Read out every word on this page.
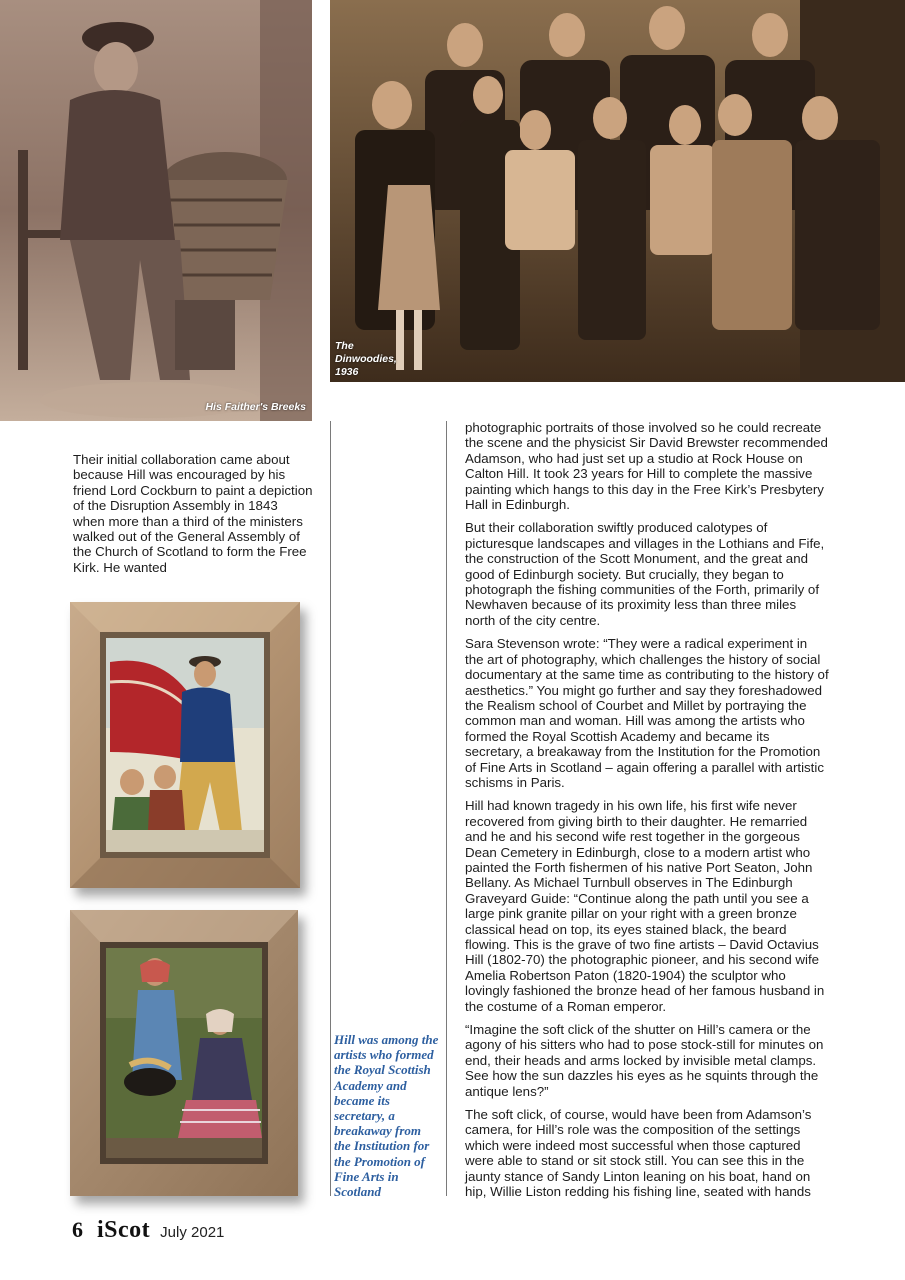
His Faither's Breeks
The
Dinwoodies,
1936

Their initial collaboration came about because Hill was encouraged by his friend Lord Cockburn to paint a depiction of the Disruption Assembly in 1843 when more than a third of the ministers walked out of the General Assembly of the Church of Scotland to form the Free Kirk. He wanted

Hill was among the artists who formed the Royal Scottish Academy and became its secretary, a breakaway from the Institution for the Promotion of Fine Arts in Scotland

photographic portraits of those involved so he could recreate the scene and the physicist Sir David Brewster recommended Adamson, who had just set up a studio at Rock House on Calton Hill. It took 23 years for Hill to complete the massive painting which hangs to this day in the Free Kirk’s Presbytery Hall in Edinburgh.

But their collaboration swiftly produced calotypes of picturesque landscapes and villages in the Lothians and Fife, the construction of the Scott Monument, and the great and good of Edinburgh society. But crucially, they began to photograph the fishing communities of the Forth, primarily of Newhaven because of its proximity less than three miles north of the city centre.

Sara Stevenson wrote: “They were a radical experiment in the art of photography, which challenges the history of social documentary at the same time as contributing to the history of aesthetics.” You might go further and say they foreshadowed the Realism school of Courbet and Millet by portraying the common man and woman. Hill was among the artists who formed the Royal Scottish Academy and became its secretary, a breakaway from the Institution for the Promotion of Fine Arts in Scotland – again offering a parallel with artistic schisms in Paris.

Hill had known tragedy in his own life, his first wife never recovered from giving birth to their daughter. He remarried and he and his second wife rest together in the gorgeous Dean Cemetery in Edinburgh, close to a modern artist who painted the Forth fishermen of his native Port Seaton, John Bellany. As Michael Turnbull observes in The Edinburgh Graveyard Guide: “Continue along the path until you see a large pink granite pillar on your right with a green bronze classical head on top, its eyes stained black, the beard flowing. This is the grave of two fine artists – David Octavius Hill (1802-70) the photographic pioneer, and his second wife Amelia Robertson Paton (1820-1904) the sculptor who lovingly fashioned the bronze head of her famous husband in the costume of a Roman emperor.

“Imagine the soft click of the shutter on Hill’s camera or the agony of his sitters who had to pose stock-still for minutes on end, their heads and arms locked by invisible metal clamps. See how the sun dazzles his eyes as he squints through the antique lens?”

The soft click, of course, would have been from Adamson’s camera, for Hill’s role was the composition of the settings which were indeed most successful when those captured were able to stand or sit stock still. You can see this in the jaunty stance of Sandy Linton leaning on his boat, hand on hip, Willie Liston redding his fishing line, seated with hands

6 iScot July 2021
